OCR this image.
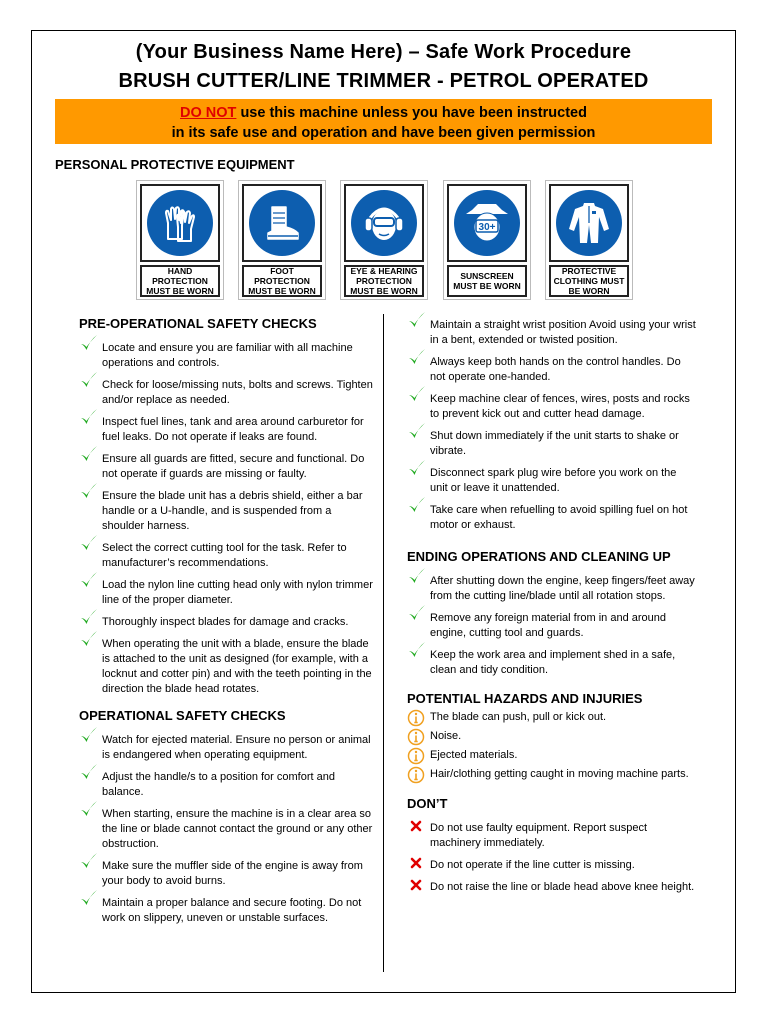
(Your Business Name Here) – Safe Work Procedure
BRUSH CUTTER/LINE TRIMMER - PETROL OPERATED
DO NOT use this machine unless you have been instructed
in its safe use and operation and have been given permission
PERSONAL PROTECTIVE EQUIPMENT
HAND PROTECTION MUST BE WORN
FOOT PROTECTION MUST BE WORN
EYE & HEARING PROTECTION MUST BE WORN
30+
SUNSCREEN MUST BE WORN
PROTECTIVE CLOTHING MUST BE WORN
PRE-OPERATIONAL SAFETY CHECKS
Locate and ensure you are familiar with all machine operations and controls.
Check for loose/missing nuts, bolts and screws. Tighten and/or replace as needed.
Inspect fuel lines, tank and area around carburetor for fuel leaks. Do not operate if leaks are found.
Ensure all guards are fitted, secure and functional. Do not operate if guards are missing or faulty.
Ensure the blade unit has a debris shield, either a bar handle or a U-handle, and is suspended from a shoulder harness.
Select the correct cutting tool for the task. Refer to manufacturer’s recommendations.
Load the nylon line cutting head only with nylon trimmer line of the proper diameter.
Thoroughly inspect blades for damage and cracks.
When operating the unit with a blade, ensure the blade is attached to the unit as designed (for example, with a locknut and cotter pin) and with the teeth pointing in the direction the blade head rotates.
OPERATIONAL SAFETY CHECKS
Watch for ejected material. Ensure no person or animal is endangered when operating equipment.
Adjust the handle/s to a position for comfort and balance.
When starting, ensure the machine is in a clear area so the line or blade cannot contact the ground or any other obstruction.
Make sure the muffler side of the engine is away from your body to avoid burns.
Maintain a proper balance and secure footing. Do not work on slippery, uneven or unstable surfaces.
Maintain a straight wrist position Avoid using your wrist in a bent, extended or twisted position.
Always keep both hands on the control handles. Do not operate one-handed.
Keep machine clear of fences, wires, posts and rocks to prevent kick out and cutter head damage.
Shut down immediately if the unit starts to shake or vibrate.
Disconnect spark plug wire before you work on the unit or leave it unattended.
Take care when refuelling to avoid spilling fuel on hot motor or exhaust.
ENDING OPERATIONS AND CLEANING UP
After shutting down the engine, keep fingers/feet away from the cutting line/blade until all rotation stops.
Remove any foreign material from in and around engine, cutting tool and guards.
Keep the work area and implement shed in a safe, clean and tidy condition.
POTENTIAL HAZARDS AND INJURIES
The blade can push, pull or kick out.
Noise.
Ejected materials.
Hair/clothing getting caught in moving machine parts.
DON’T
Do not use faulty equipment. Report suspect machinery immediately.
Do not operate if the line cutter is missing.
Do not raise the line or blade head above knee height.
